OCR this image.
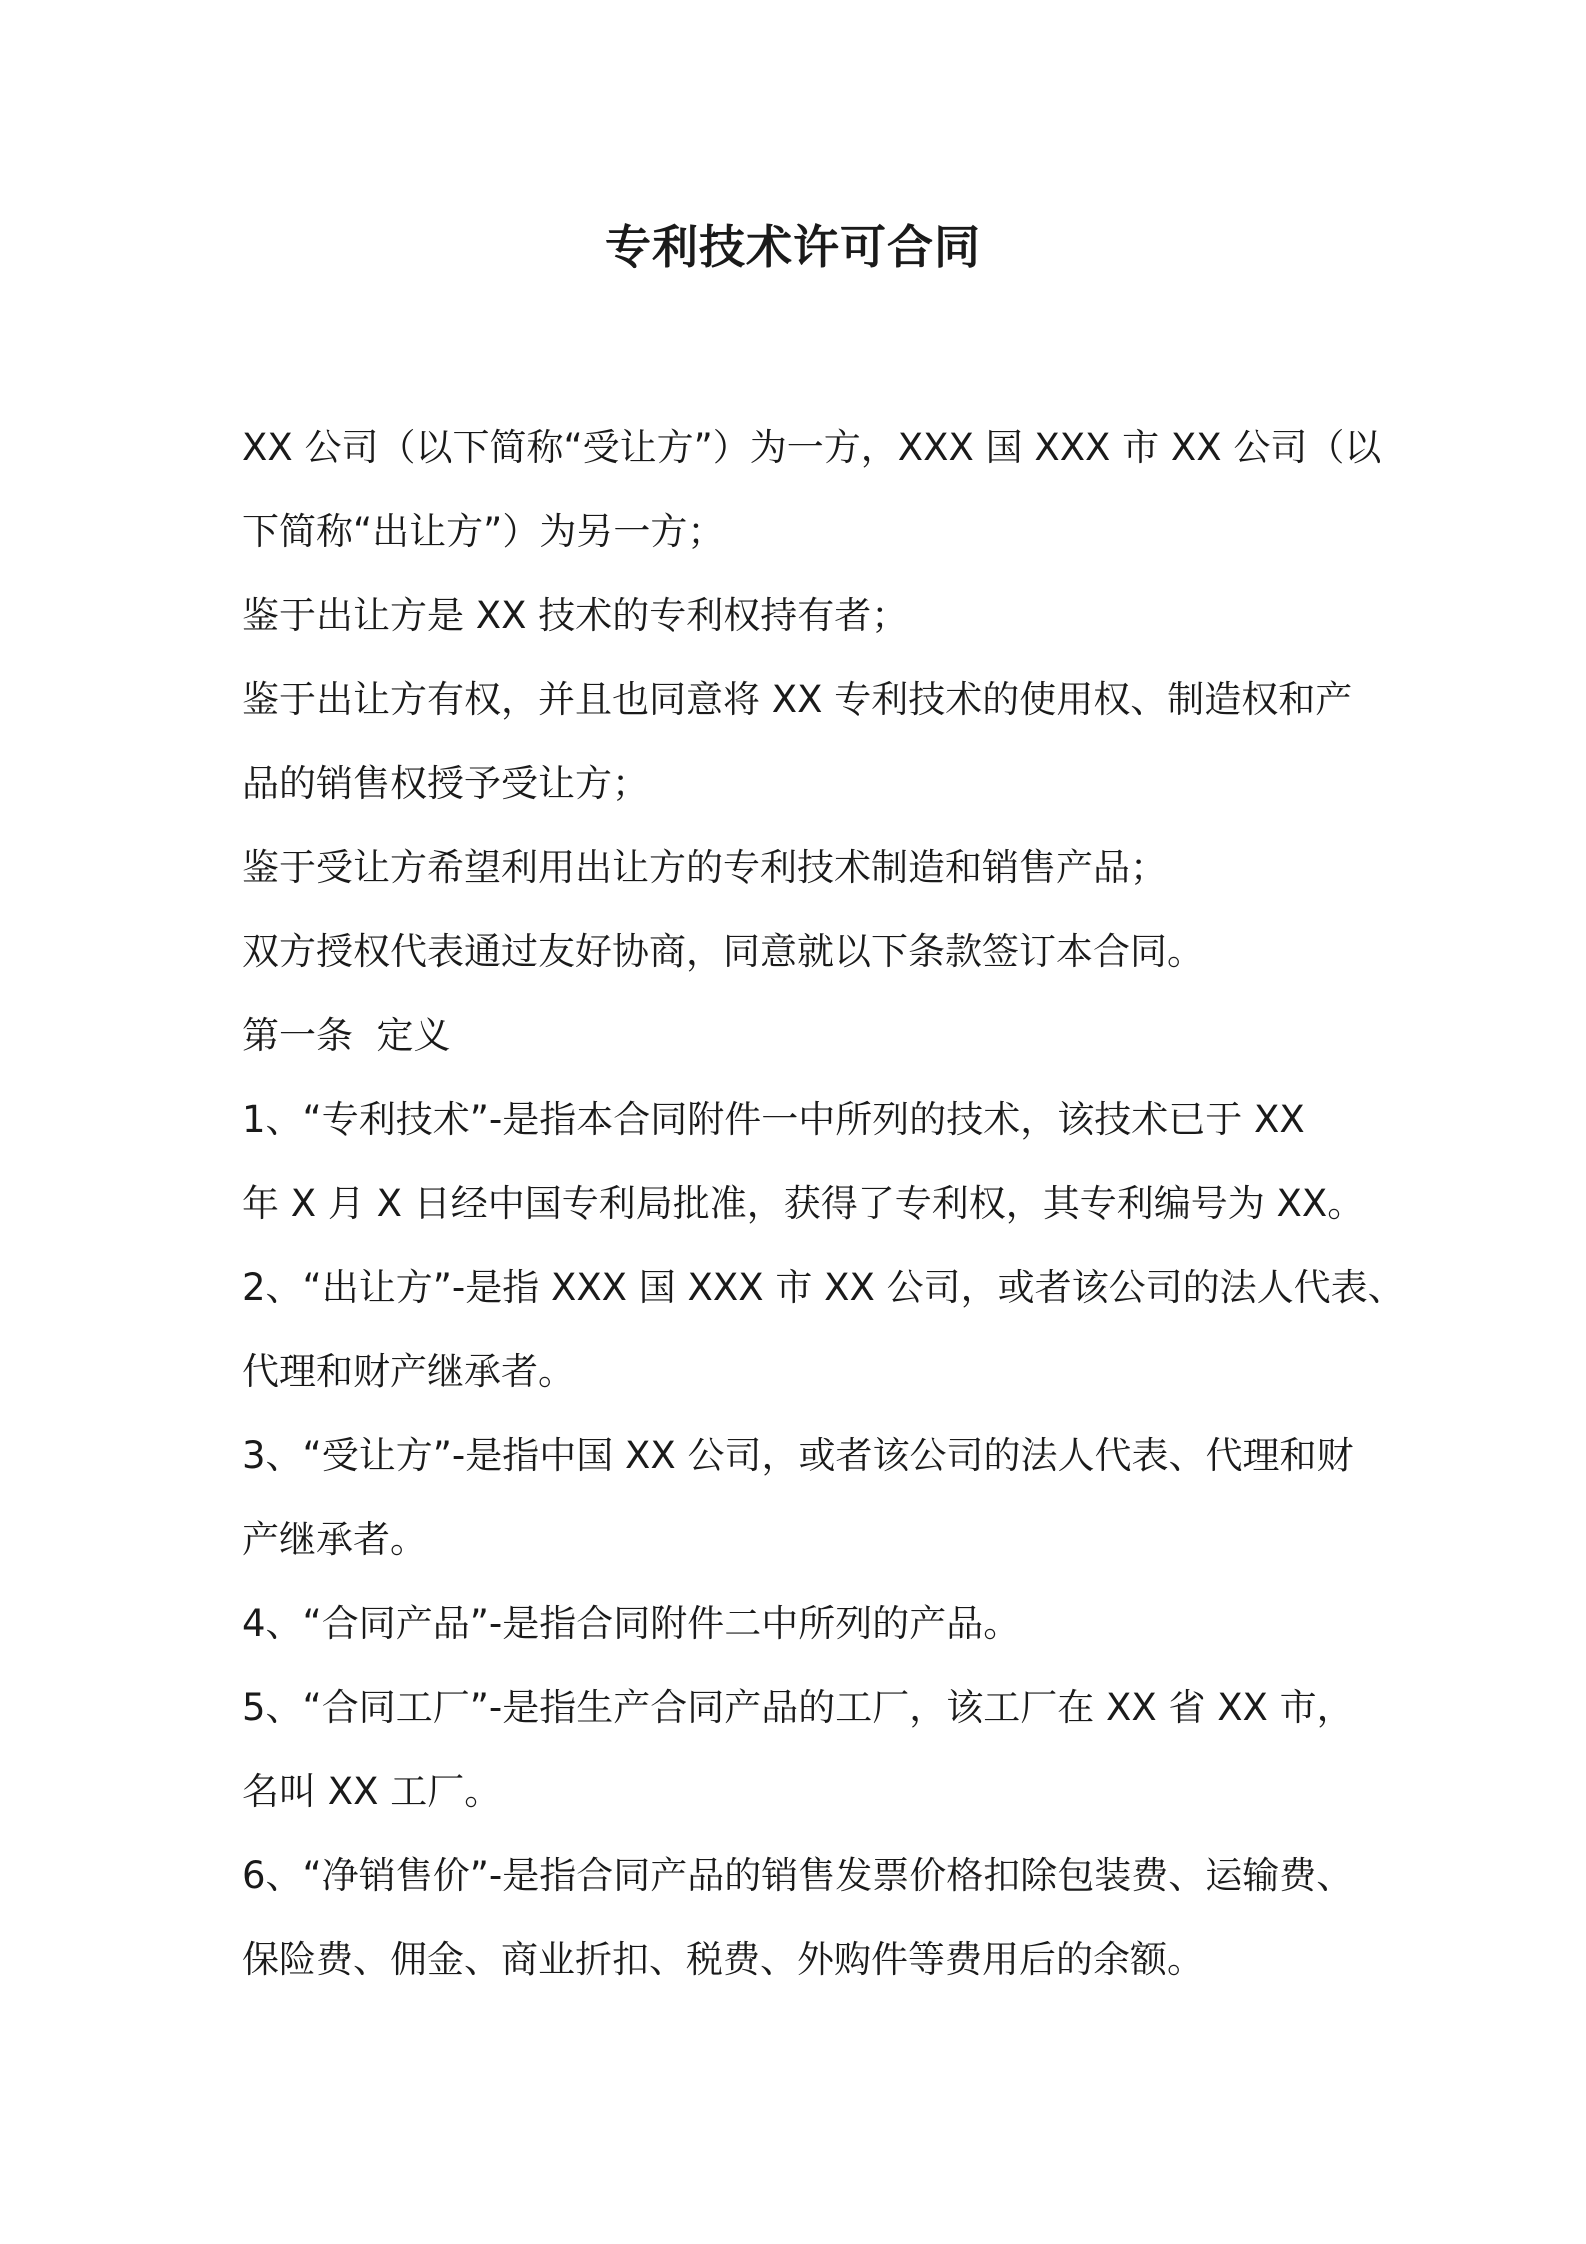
专利技术许可合同

XX 公司（以下简称“受让方”）为一方，XXX 国 XXX 市 XX 公司（以

下简称“出让方”）为另一方；

鉴于出让方是 XX 技术的专利权持有者；

鉴于出让方有权，并且也同意将 XX 专利技术的使用权、制造权和产

品的销售权授予受让方；

鉴于受让方希望利用出让方的专利技术制造和销售产品；

双方授权代表通过友好协商，同意就以下条款签订本合同。

第一条  定义

1、“专利技术”-是指本合同附件一中所列的技术，该技术已于 XX

年 X 月 X 日经中国专利局批准，获得了专利权，其专利编号为 XX。

2、“出让方”-是指 XXX 国 XXX 市 XX 公司，或者该公司的法人代表、

代理和财产继承者。

3、“受让方”-是指中国 XX 公司，或者该公司的法人代表、代理和财

产继承者。

4、“合同产品”-是指合同附件二中所列的产品。

5、“合同工厂”-是指生产合同产品的工厂，该工厂在 XX 省 XX 市，

名叫 XX 工厂。

6、“净销售价”-是指合同产品的销售发票价格扣除包装费、运输费、

保险费、佣金、商业折扣、税费、外购件等费用后的余额。
